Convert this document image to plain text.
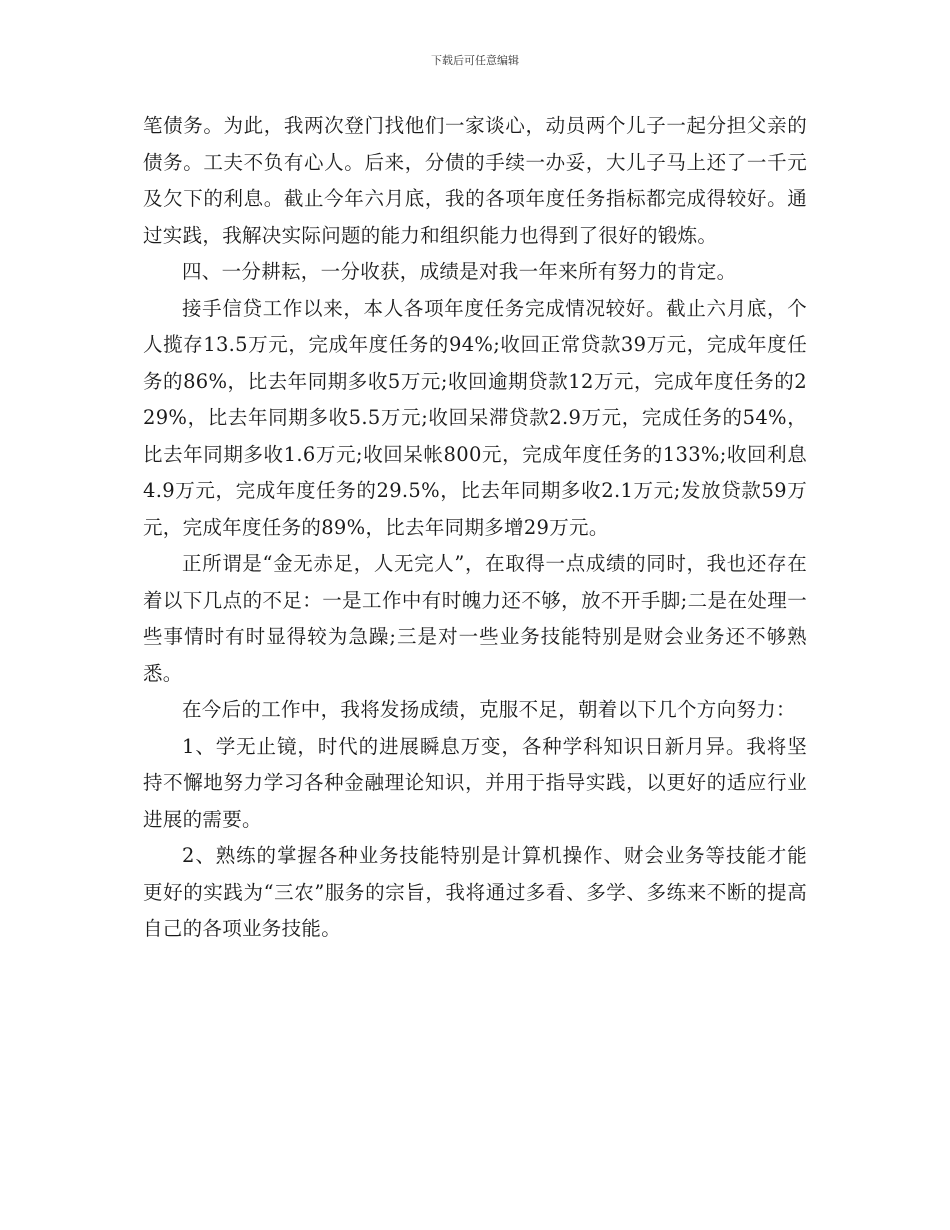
下载后可任意编辑

笔债务。为此，我两次登门找他们一家谈心，动员两个儿子一起分担父亲的债务。工夫不负有心人。后来，分债的手续一办妥，大儿子马上还了一千元及欠下的利息。截止今年六月底，我的各项年度任务指标都完成得较好。通过实践，我解决实际问题的能力和组织能力也得到了很好的锻炼。

四、一分耕耘，一分收获，成绩是对我一年来所有努力的肯定。

接手信贷工作以来，本人各项年度任务完成情况较好。截止六月底，个人揽存13.5万元，完成年度任务的94%;收回正常贷款39万元，完成年度任务的86%，比去年同期多收5万元;收回逾期贷款12万元，完成年度任务的229%，比去年同期多收5.5万元;收回呆滞贷款2.9万元，完成任务的54%，比去年同期多收1.6万元;收回呆帐800元，完成年度任务的133%;收回利息4.9万元，完成年度任务的29.5%，比去年同期多收2.1万元;发放贷款59万元，完成年度任务的89%，比去年同期多增29万元。

正所谓是“金无赤足，人无完人”，在取得一点成绩的同时，我也还存在着以下几点的不足：一是工作中有时魄力还不够，放不开手脚;二是在处理一些事情时有时显得较为急躁;三是对一些业务技能特别是财会业务还不够熟悉。

在今后的工作中，我将发扬成绩，克服不足，朝着以下几个方向努力：

1、学无止镜，时代的进展瞬息万变，各种学科知识日新月异。我将坚持不懈地努力学习各种金融理论知识，并用于指导实践，以更好的适应行业进展的需要。

2、熟练的掌握各种业务技能特别是计算机操作、财会业务等技能才能更好的实践为“三农”服务的宗旨，我将通过多看、多学、多练来不断的提高自己的各项业务技能。
